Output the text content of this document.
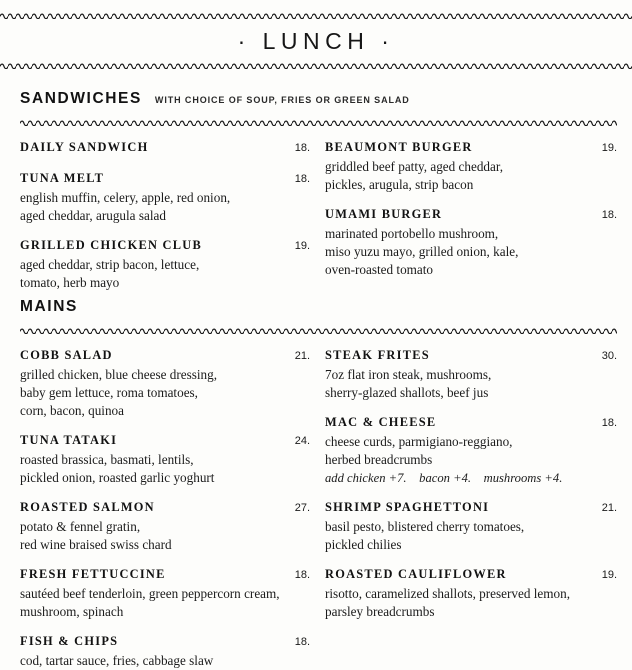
· LUNCH ·
SANDWICHES WITH CHOICE OF SOUP, FRIES OR GREEN SALAD
DAILY SANDWICH	18.
TUNA MELT	18.
english muffin, celery, apple, red onion,
aged cheddar, arugula salad
GRILLED CHICKEN CLUB	19.
aged cheddar, strip bacon, lettuce,
tomato, herb mayo
BEAUMONT BURGER	19.
griddled beef patty, aged cheddar,
pickles, arugula, strip bacon
UMAMI BURGER	18.
marinated portobello mushroom,
miso yuzu mayo, grilled onion, kale,
oven-roasted tomato
MAINS
COBB SALAD	21.
grilled chicken, blue cheese dressing,
baby gem lettuce, roma tomatoes,
corn, bacon, quinoa
TUNA TATAKI	24.
roasted brassica, basmati, lentils,
pickled onion, roasted garlic yoghurt
ROASTED SALMON	27.
potato & fennel gratin,
red wine braised swiss chard
FRESH FETTUCCINE	18.
sautéed beef tenderloin, green peppercorn cream,
mushroom, spinach
FISH & CHIPS	18.
cod, tartar sauce, fries, cabbage slaw
STEAK FRITES	30.
7oz flat iron steak, mushrooms,
sherry-glazed shallots, beef jus
MAC & CHEESE	18.
cheese curds, parmigiano-reggiano,
herbed breadcrumbs
add chicken +7.    bacon +4.    mushrooms +4.
SHRIMP SPAGHETTONI	21.
basil pesto, blistered cherry tomatoes,
pickled chilies
ROASTED CAULIFLOWER	19.
risotto, caramelized shallots, preserved lemon,
parsley breadcrumbs
